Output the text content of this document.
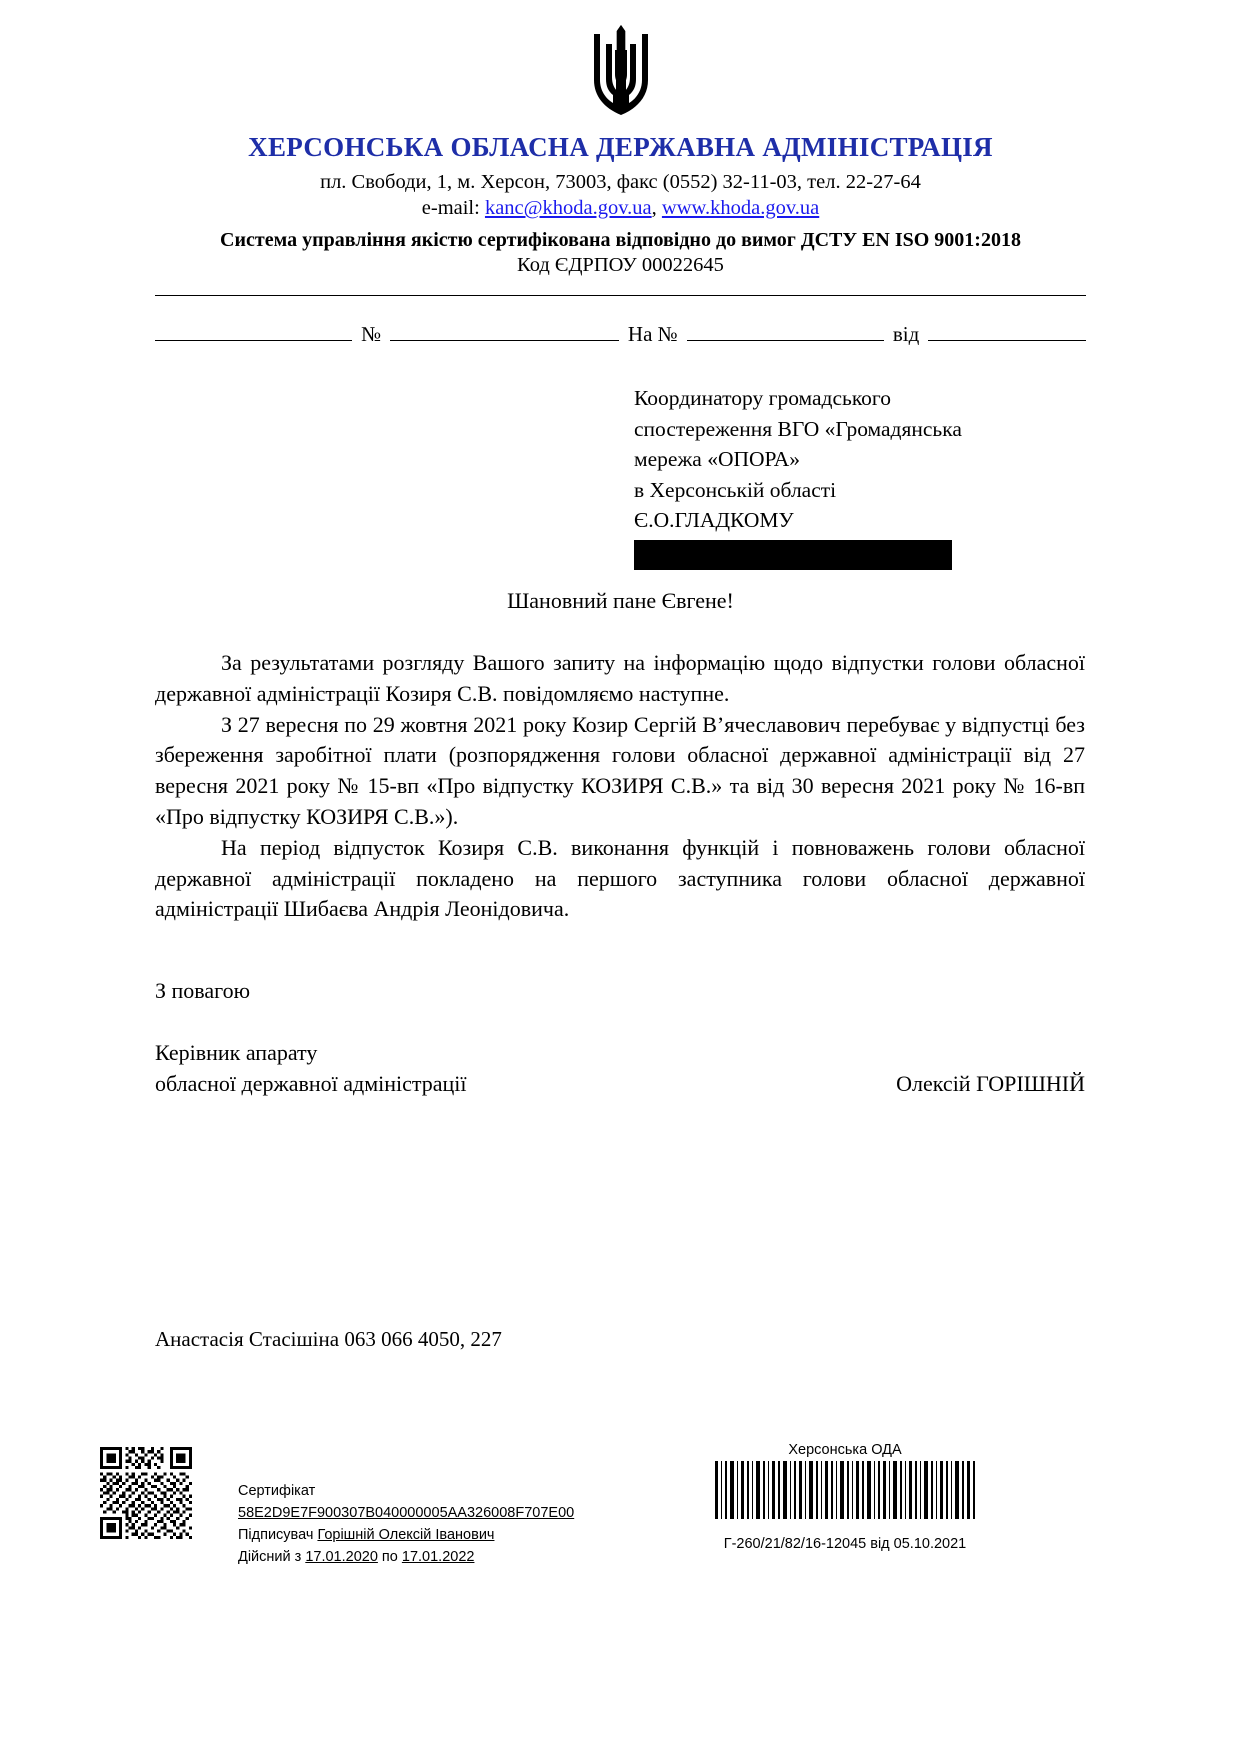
ХЕРСОНСЬКА ОБЛАСНА ДЕРЖАВНА АДМІНІСТРАЦІЯ
пл. Свободи, 1, м. Херсон, 73003, факс (0552) 32-11-03, тел. 22-27-64
e-mail: kanc@khoda.gov.ua, www.khoda.gov.ua
Система управління якістю сертифікована відповідно до вимог ДСТУ EN ISO 9001:2018
Код ЄДРПОУ 00022645
№	На №	від
Координатору громадського
спостереження ВГО «Громадянська
мережа «ОПОРА»
в Херсонській області
Є.О.ГЛАДКОМУ
Шановний пане Євгене!

За результатами розгляду Вашого запиту на інформацію щодо відпустки голови обласної державної адміністрації Козиря С.В. повідомляємо наступне.

З 27 вересня по 29 жовтня 2021 року Козир Сергій В’ячеславович перебуває у відпустці без збереження заробітної плати (розпорядження голови обласної державної адміністрації від 27 вересня 2021 року № 15-вп «Про відпустку КОЗИРЯ С.В.» та від 30 вересня 2021 року № 16-вп «Про відпустку КОЗИРЯ С.В.»).

На період відпусток Козиря С.В. виконання функцій і повноважень голови обласної державної адміністрації покладено на першого заступника голови обласної державної адміністрації Шибаєва Андрія Леонідовича.

З повагою
Керівник апарату
обласної державної адміністрації	Олексій ГОРІШНІЙ
Анастасія Стасішіна 063 066 4050, 227
Сертифікат
58E2D9E7F900307B040000005AA326008F707E00
Підписувач Горішній Олексій Іванович
Дійсний з 17.01.2020 по 17.01.2022
Херсонська ОДА
Г-260/21/82/16-12045 від 05.10.2021
